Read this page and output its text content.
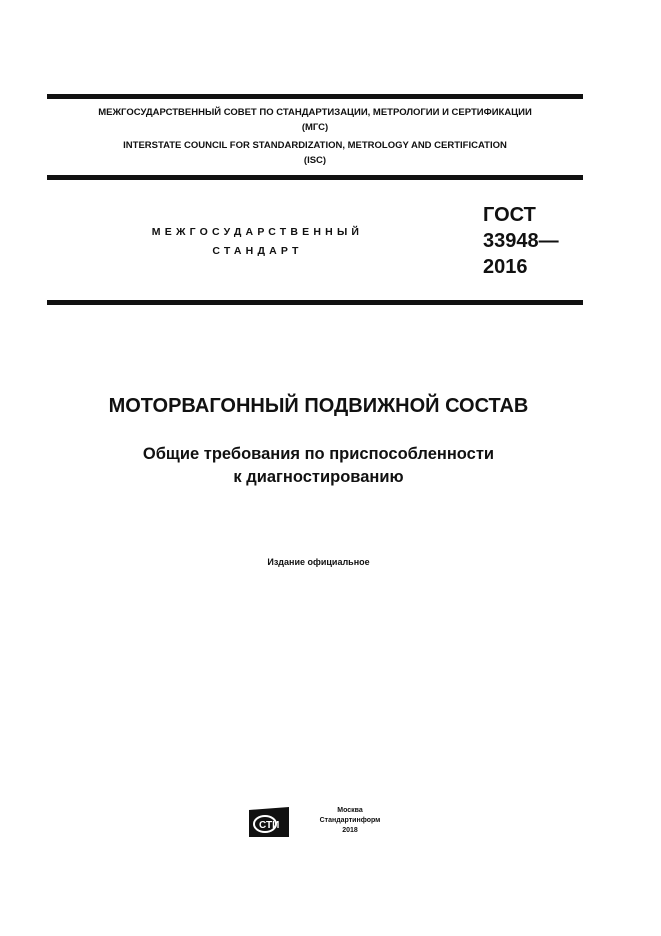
МЕЖГОСУДАРСТВЕННЫЙ СОВЕТ ПО СТАНДАРТИЗАЦИИ, МЕТРОЛОГИИ И СЕРТИФИКАЦИИ
(МГС)
INTERSTATE COUNCIL FOR STANDARDIZATION, METROLOGY AND CERTIFICATION
(ISC)
МЕЖГОСУДАРСТВЕННЫЙ
СТАНДАРТ
ГОСТ
33948—
2016
МОТОРВАГОННЫЙ ПОДВИЖНОЙ СОСТАВ
Общие требования по приспособленности
к диагностированию
Издание официальное
СТИ
Москва
Стандартинформ
2018
